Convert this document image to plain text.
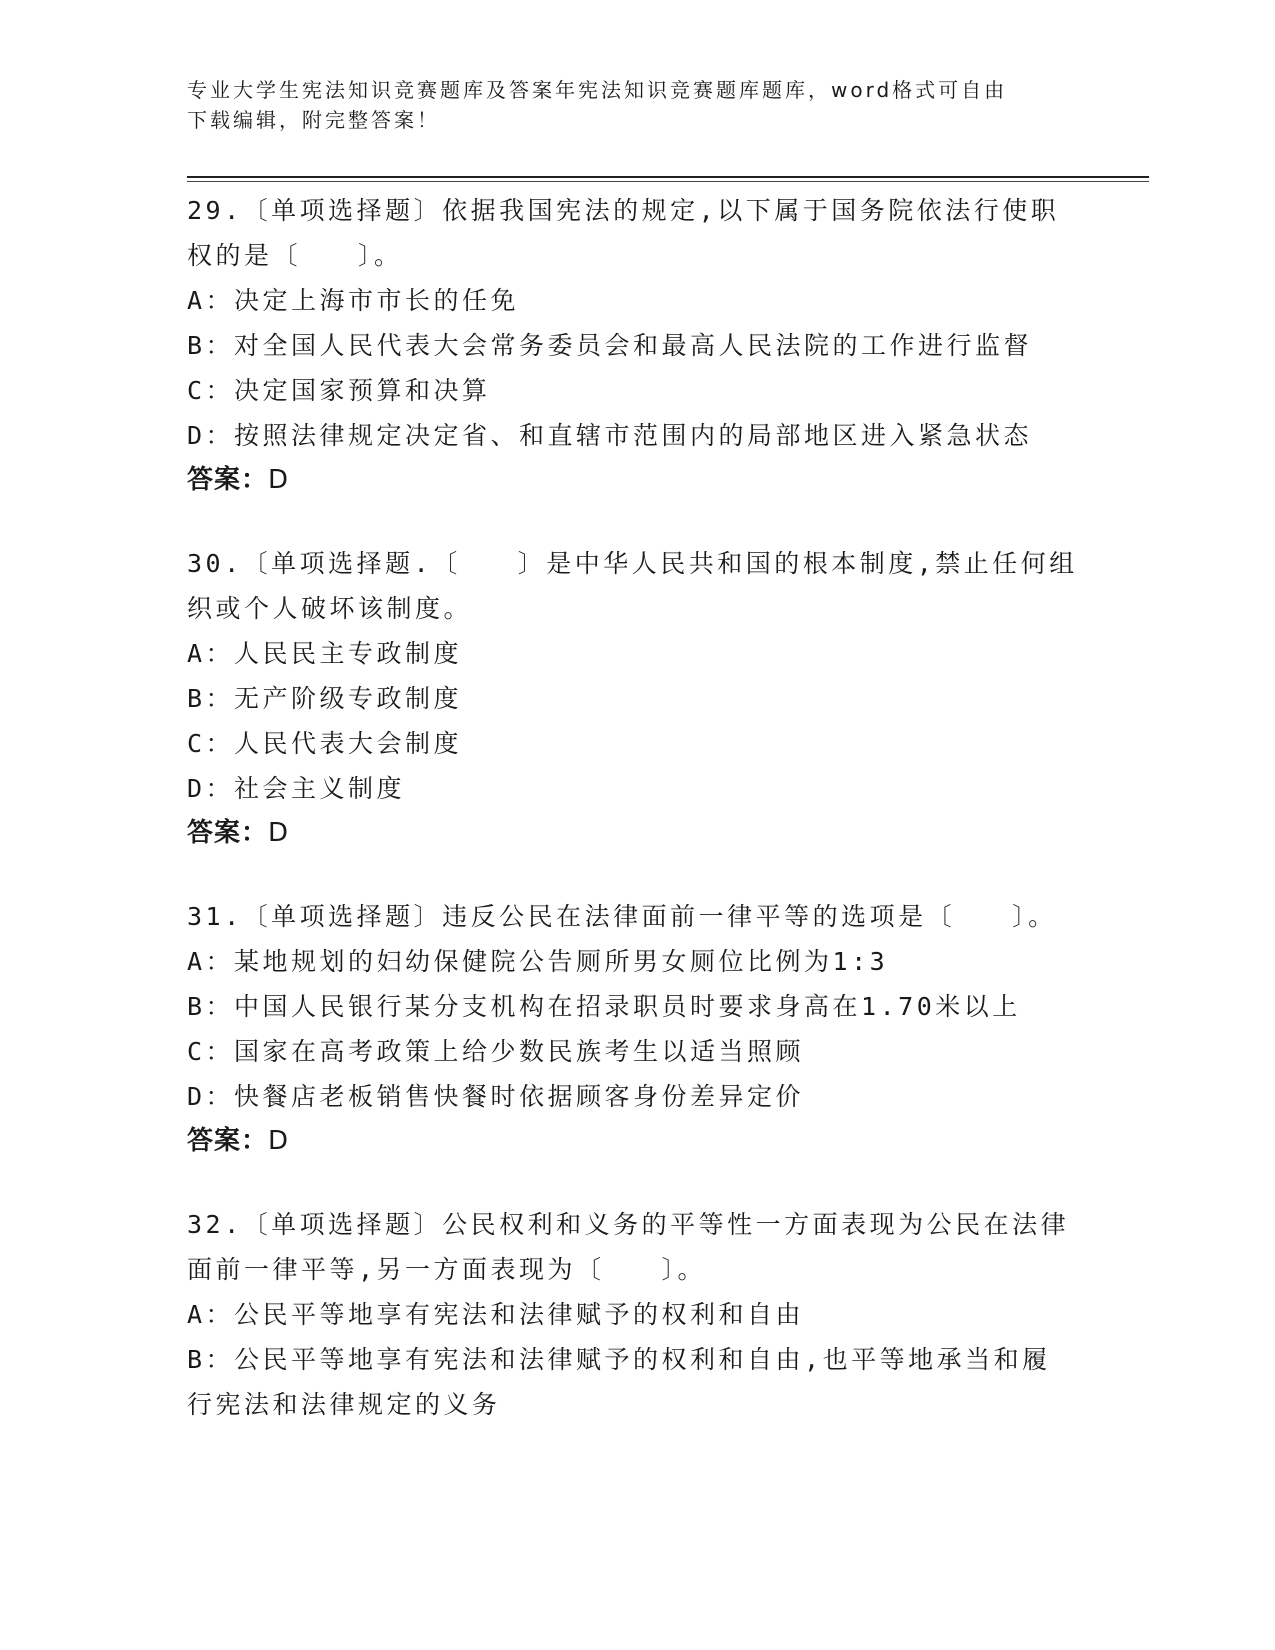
专业大学生宪法知识竞赛题库及答案年宪法知识竞赛题库题库，word格式可自由
下载编辑，附完整答案！
29.〔单项选择题〕依据我国宪法的规定,以下属于国务院依法行使职
权的是〔　　〕。
A：决定上海市市长的任免
B：对全国人民代表大会常务委员会和最高人民法院的工作进行监督
C：决定国家预算和决算
D：按照法律规定决定省、和直辖市范围内的局部地区进入紧急状态
答案：D
30.〔单项选择题.〔　　〕是中华人民共和国的根本制度,禁止任何组
织或个人破坏该制度。
A：人民民主专政制度
B：无产阶级专政制度
C：人民代表大会制度
D：社会主义制度
答案：D
31.〔单项选择题〕违反公民在法律面前一律平等的选项是〔　　〕。
A：某地规划的妇幼保健院公告厕所男女厕位比例为1:3
B：中国人民银行某分支机构在招录职员时要求身高在1.70米以上
C：国家在高考政策上给少数民族考生以适当照顾
D：快餐店老板销售快餐时依据顾客身份差异定价
答案：D
32.〔单项选择题〕公民权利和义务的平等性一方面表现为公民在法律
面前一律平等,另一方面表现为〔　　〕。
A：公民平等地享有宪法和法律赋予的权利和自由
B：公民平等地享有宪法和法律赋予的权利和自由,也平等地承当和履
行宪法和法律规定的义务
